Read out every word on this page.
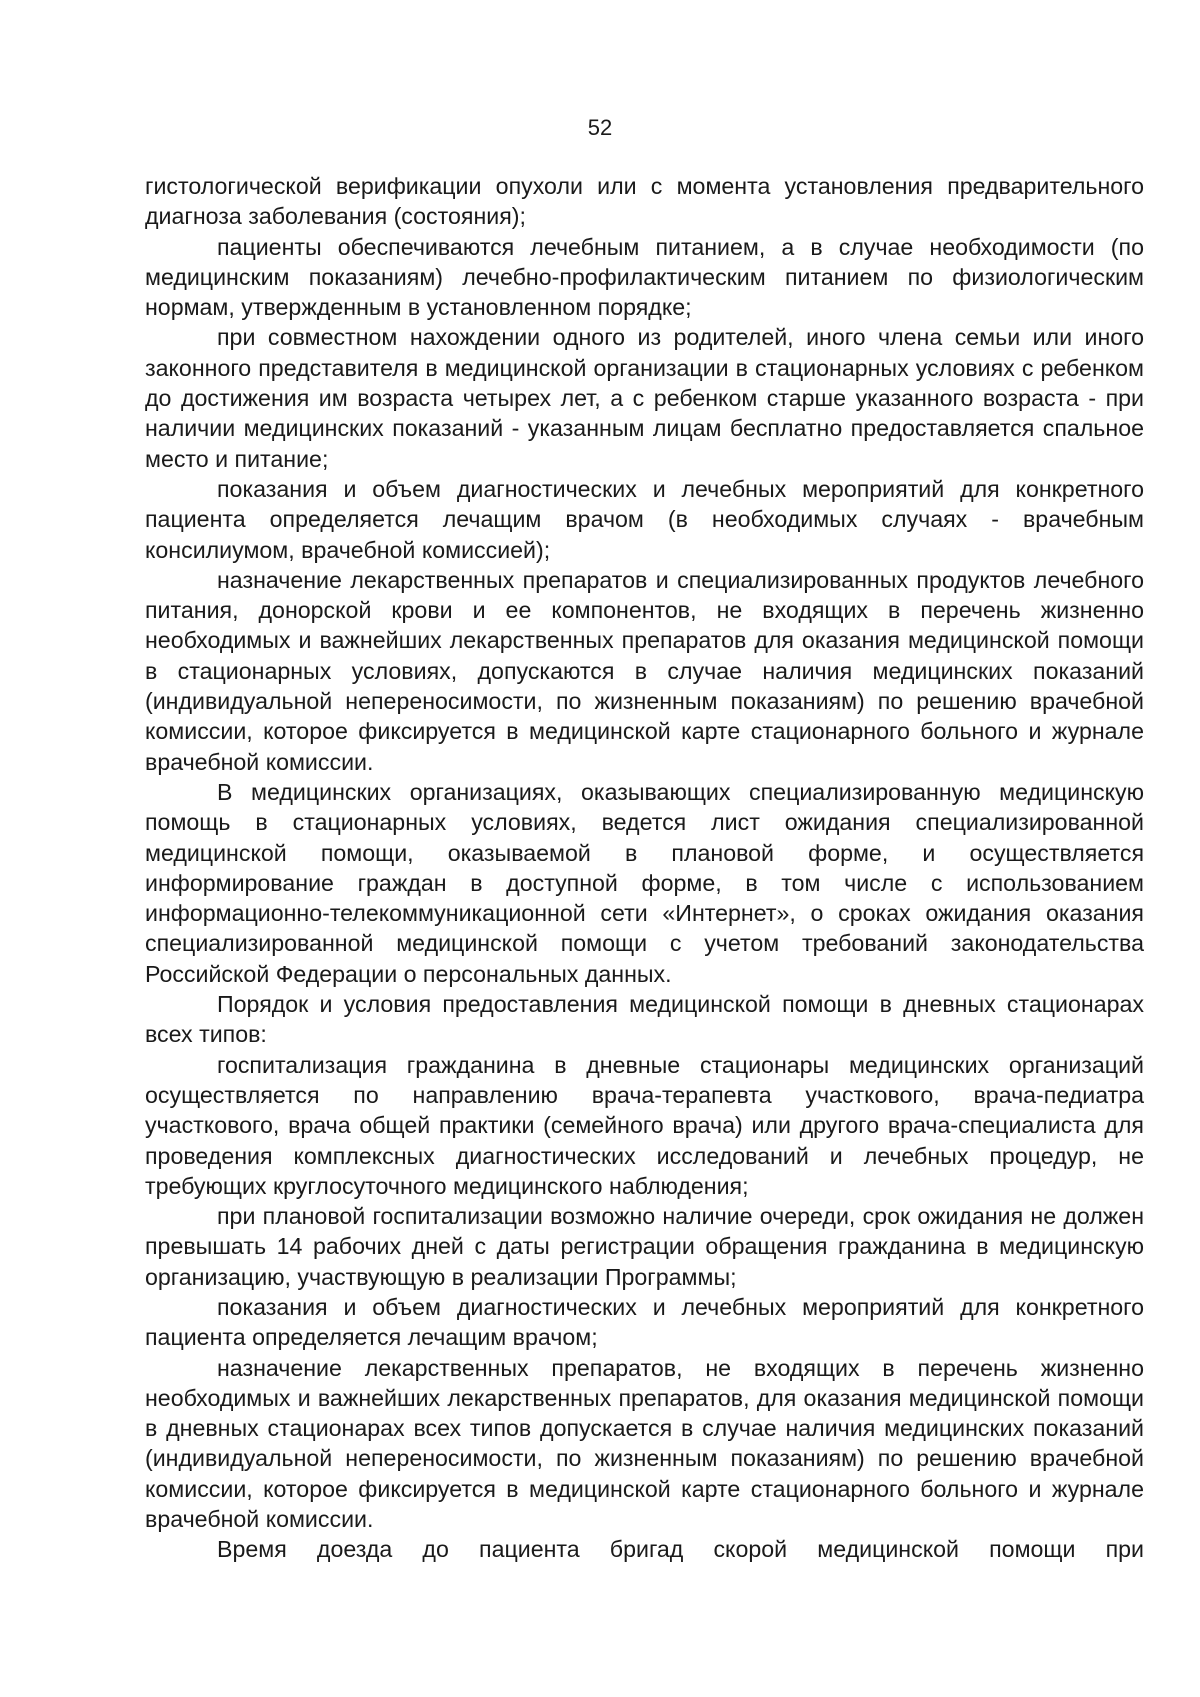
52

гистологической верификации опухоли или с момента установления предварительного диагноза заболевания (состояния);

пациенты обеспечиваются лечебным питанием, а в случае необходимости (по медицинским показаниям) лечебно-профилактическим питанием по физиологическим нормам, утвержденным в установленном порядке;

при совместном нахождении одного из родителей, иного члена семьи или иного законного представителя в медицинской организации в стационарных условиях с ребенком до достижения им возраста четырех лет, а с ребенком старше указанного возраста - при наличии медицинских показаний - указанным лицам бесплатно предоставляется спальное место и питание;

показания и объем диагностических и лечебных мероприятий для конкретного пациента определяется лечащим врачом (в необходимых случаях - врачебным консилиумом, врачебной комиссией);

назначение лекарственных препаратов и специализированных продуктов лечебного питания, донорской крови и ее компонентов, не входящих в перечень жизненно необходимых и важнейших лекарственных препаратов для оказания медицинской помощи в стационарных условиях, допускаются в случае наличия медицинских показаний (индивидуальной непереносимости, по жизненным показаниям) по решению врачебной комиссии, которое фиксируется в медицинской карте стационарного больного и журнале врачебной комиссии.

В медицинских организациях, оказывающих специализированную медицинскую помощь в стационарных условиях, ведется лист ожидания специализированной медицинской помощи, оказываемой в плановой форме, и осуществляется информирование граждан в доступной форме, в том числе с использованием информационно-телекоммуникационной сети «Интернет», о сроках ожидания оказания специализированной медицинской помощи с учетом требований законодательства Российской Федерации о персональных данных.

Порядок и условия предоставления медицинской помощи в дневных стационарах всех типов:

госпитализация гражданина в дневные стационары медицинских организаций осуществляется по направлению врача-терапевта участкового, врача-педиатра участкового, врача общей практики (семейного врача) или другого врача-специалиста для проведения комплексных диагностических исследований и лечебных процедур, не требующих круглосуточного медицинского наблюдения;

при плановой госпитализации возможно наличие очереди, срок ожидания не должен превышать 14 рабочих дней с даты регистрации обращения гражданина в медицинскую организацию, участвующую в реализации Программы;

показания и объем диагностических и лечебных мероприятий для конкретного пациента определяется лечащим врачом;

назначение лекарственных препаратов, не входящих в перечень жизненно необходимых и важнейших лекарственных препаратов, для оказания медицинской помощи в дневных стационарах всех типов допускается в случае наличия медицинских показаний (индивидуальной непереносимости, по жизненным показаниям) по решению врачебной комиссии, которое фиксируется в медицинской карте стационарного больного и журнале врачебной комиссии.

Время доезда до пациента бригад скорой медицинской помощи при
